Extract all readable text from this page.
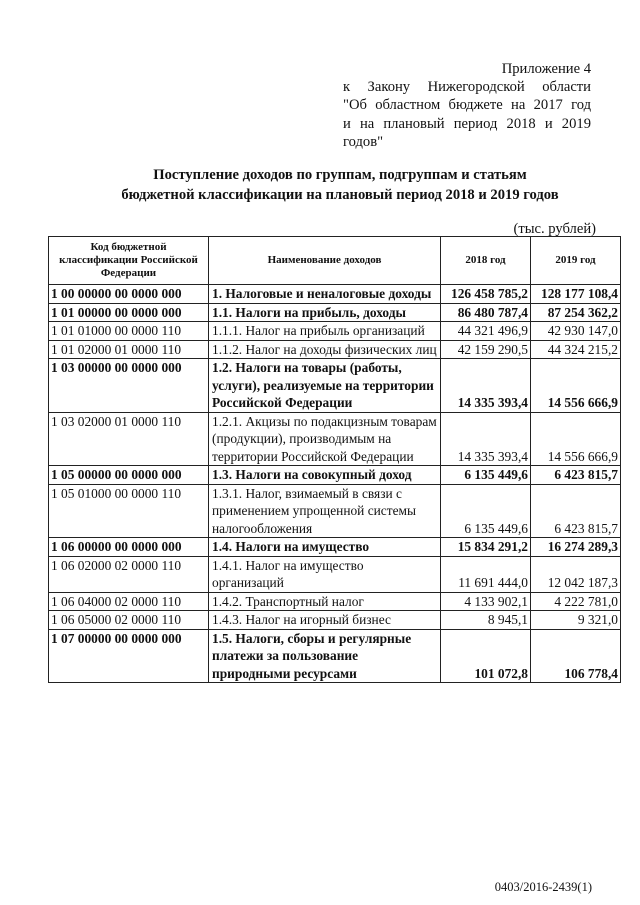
Приложение 4
к Закону Нижегородской области
"Об областном бюджете на 2017 год
и на плановый период 2018 и 2019
годов"
Поступление доходов по группам, подгруппам и статьям
бюджетной классификации на плановый период 2018 и 2019 годов
(тыс. рублей)
Код бюджетной классификации Российской Федерации	Наименование доходов	2018 год	2019 год
1 00 00000 00 0000 000	1. Налоговые и неналоговые доходы	126 458 785,2	128 177 108,4
1 01 00000 00 0000 000	1.1. Налоги на прибыль, доходы	86 480 787,4	87 254 362,2
1 01 01000 00 0000 110	1.1.1. Налог на прибыль организаций	44 321 496,9	42 930 147,0
1 01 02000 01 0000 110	1.1.2. Налог на доходы физических лиц	42 159 290,5	44 324 215,2
1 03 00000 00 0000 000	1.2. Налоги на товары (работы, услуги), реализуемые на территории Российской Федерации	14 335 393,4	14 556 666,9
1 03 02000 01 0000 110	1.2.1. Акцизы по подакцизным товарам (продукции), производимым на территории Российской Федерации	14 335 393,4	14 556 666,9
1 05 00000 00 0000 000	1.3. Налоги на совокупный доход	6 135 449,6	6 423 815,7
1 05 01000 00 0000 110	1.3.1. Налог, взимаемый в связи с применением упрощенной системы налогообложения	6 135 449,6	6 423 815,7
1 06 00000 00 0000 000	1.4. Налоги на имущество	15 834 291,2	16 274 289,3
1 06 02000 02 0000 110	1.4.1. Налог на имущество организаций	11 691 444,0	12 042 187,3
1 06 04000 02 0000 110	1.4.2. Транспортный налог	4 133 902,1	4 222 781,0
1 06 05000 02 0000 110	1.4.3. Налог на игорный бизнес	8 945,1	9 321,0
1 07 00000 00 0000 000	1.5. Налоги, сборы и регулярные платежи за пользование природными ресурсами	101 072,8	106 778,4
0403/2016-2439(1)
